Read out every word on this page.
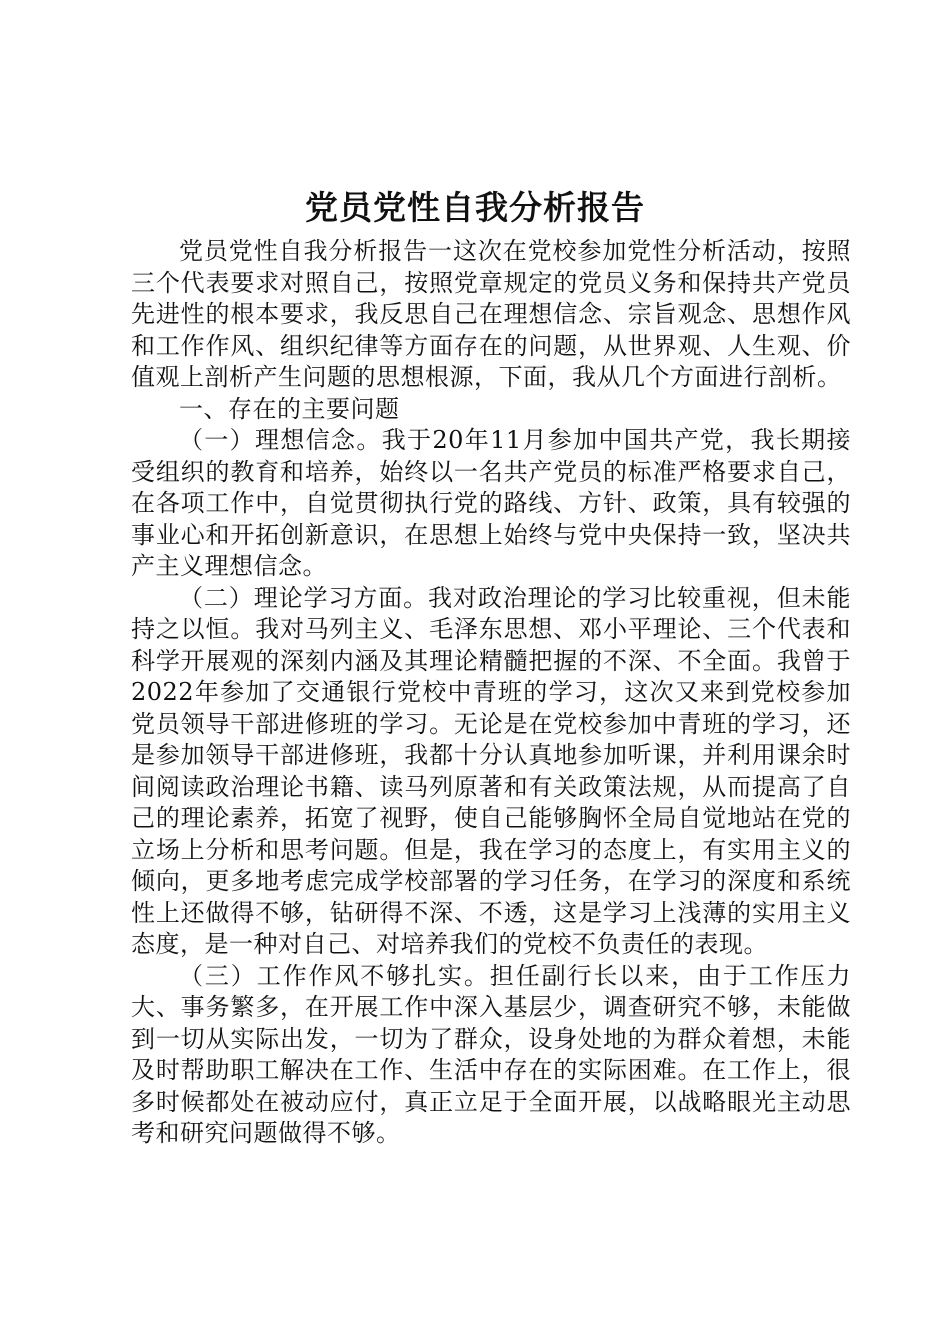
党员党性自我分析报告

党员党性自我分析报告一这次在党校参加党性分析活动，按照三个代表要求对照自己，按照党章规定的党员义务和保持共产党员先进性的根本要求，我反思自己在理想信念、宗旨观念、思想作风和工作作风、组织纪律等方面存在的问题，从世界观、人生观、价值观上剖析产生问题的思想根源，下面，我从几个方面进行剖析。

一、存在的主要问题

（一）理想信念。我于20年11月参加中国共产党，我长期接受组织的教育和培养，始终以一名共产党员的标准严格要求自己，在各项工作中，自觉贯彻执行党的路线、方针、政策，具有较强的事业心和开拓创新意识，在思想上始终与党中央保持一致，坚决共产主义理想信念。

（二）理论学习方面。我对政治理论的学习比较重视，但未能持之以恒。我对马列主义、毛泽东思想、邓小平理论、三个代表和科学开展观的深刻内涵及其理论精髓把握的不深、不全面。我曾于2022年参加了交通银行党校中青班的学习，这次又来到党校参加党员领导干部进修班的学习。无论是在党校参加中青班的学习，还是参加领导干部进修班，我都十分认真地参加听课，并利用课余时间阅读政治理论书籍、读马列原著和有关政策法规，从而提高了自己的理论素养，拓宽了视野，使自己能够胸怀全局自觉地站在党的立场上分析和思考问题。但是，我在学习的态度上，有实用主义的倾向，更多地考虑完成学校部署的学习任务，在学习的深度和系统性上还做得不够，钻研得不深、不透，这是学习上浅薄的实用主义态度，是一种对自己、对培养我们的党校不负责任的表现。

（三）工作作风不够扎实。担任副行长以来，由于工作压力大、事务繁多，在开展工作中深入基层少，调查研究不够，未能做到一切从实际出发，一切为了群众，设身处地的为群众着想，未能及时帮助职工解决在工作、生活中存在的实际困难。在工作上，很多时候都处在被动应付，真正立足于全面开展，以战略眼光主动思考和研究问题做得不够。
